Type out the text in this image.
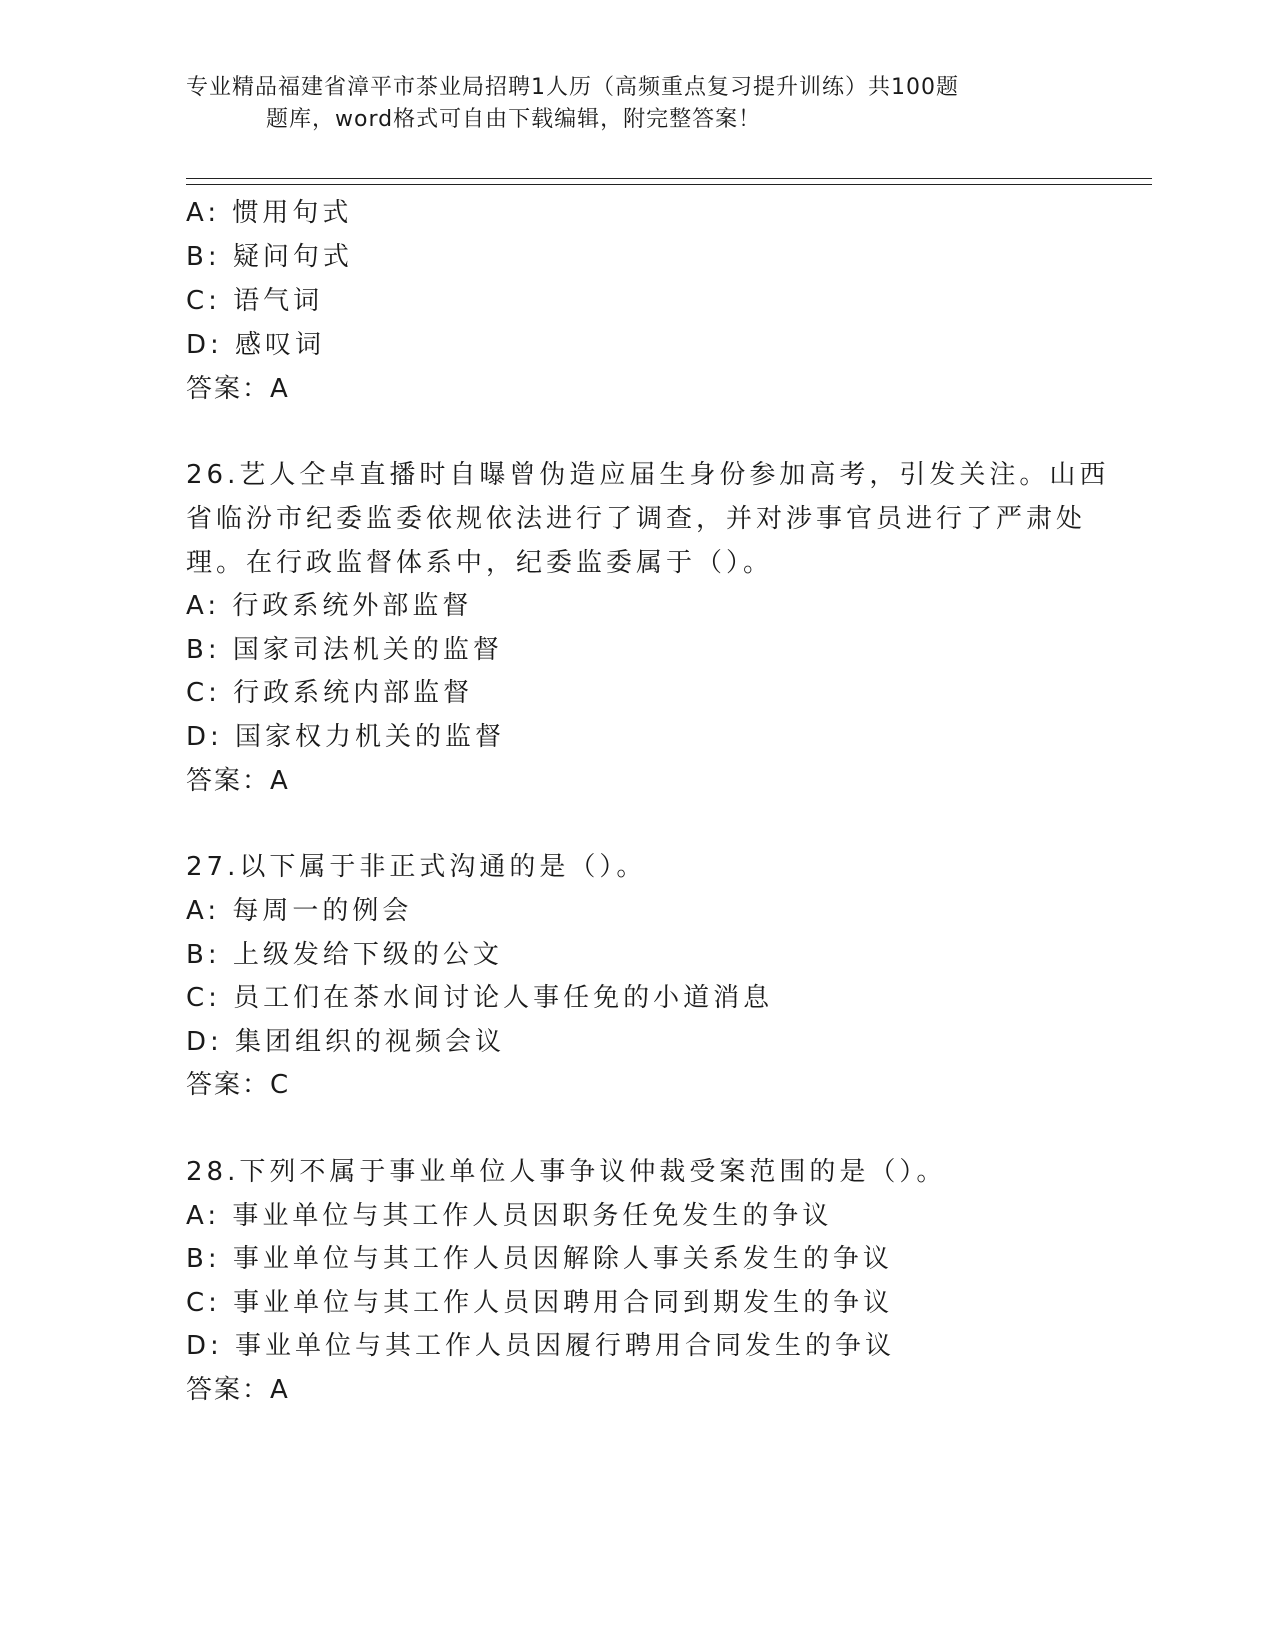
专业精品福建省漳平市茶业局招聘1人历（高频重点复习提升训练）共100题
题库，word格式可自由下载编辑，附完整答案！
A: 惯用句式
B: 疑问句式
C: 语气词
D: 感叹词
答案：A
26.艺人仝卓直播时自曝曾伪造应届生身份参加高考，引发关注。山西
省临汾市纪委监委依规依法进行了调查，并对涉事官员进行了严肃处
理。在行政监督体系中，纪委监委属于（）。
A: 行政系统外部监督
B: 国家司法机关的监督
C: 行政系统内部监督
D: 国家权力机关的监督
答案：A
27.以下属于非正式沟通的是（）。
A: 每周一的例会
B: 上级发给下级的公文
C: 员工们在茶水间讨论人事任免的小道消息
D: 集团组织的视频会议
答案：C
28.下列不属于事业单位人事争议仲裁受案范围的是（）。
A: 事业单位与其工作人员因职务任免发生的争议
B: 事业单位与其工作人员因解除人事关系发生的争议
C: 事业单位与其工作人员因聘用合同到期发生的争议
D: 事业单位与其工作人员因履行聘用合同发生的争议
答案：A
